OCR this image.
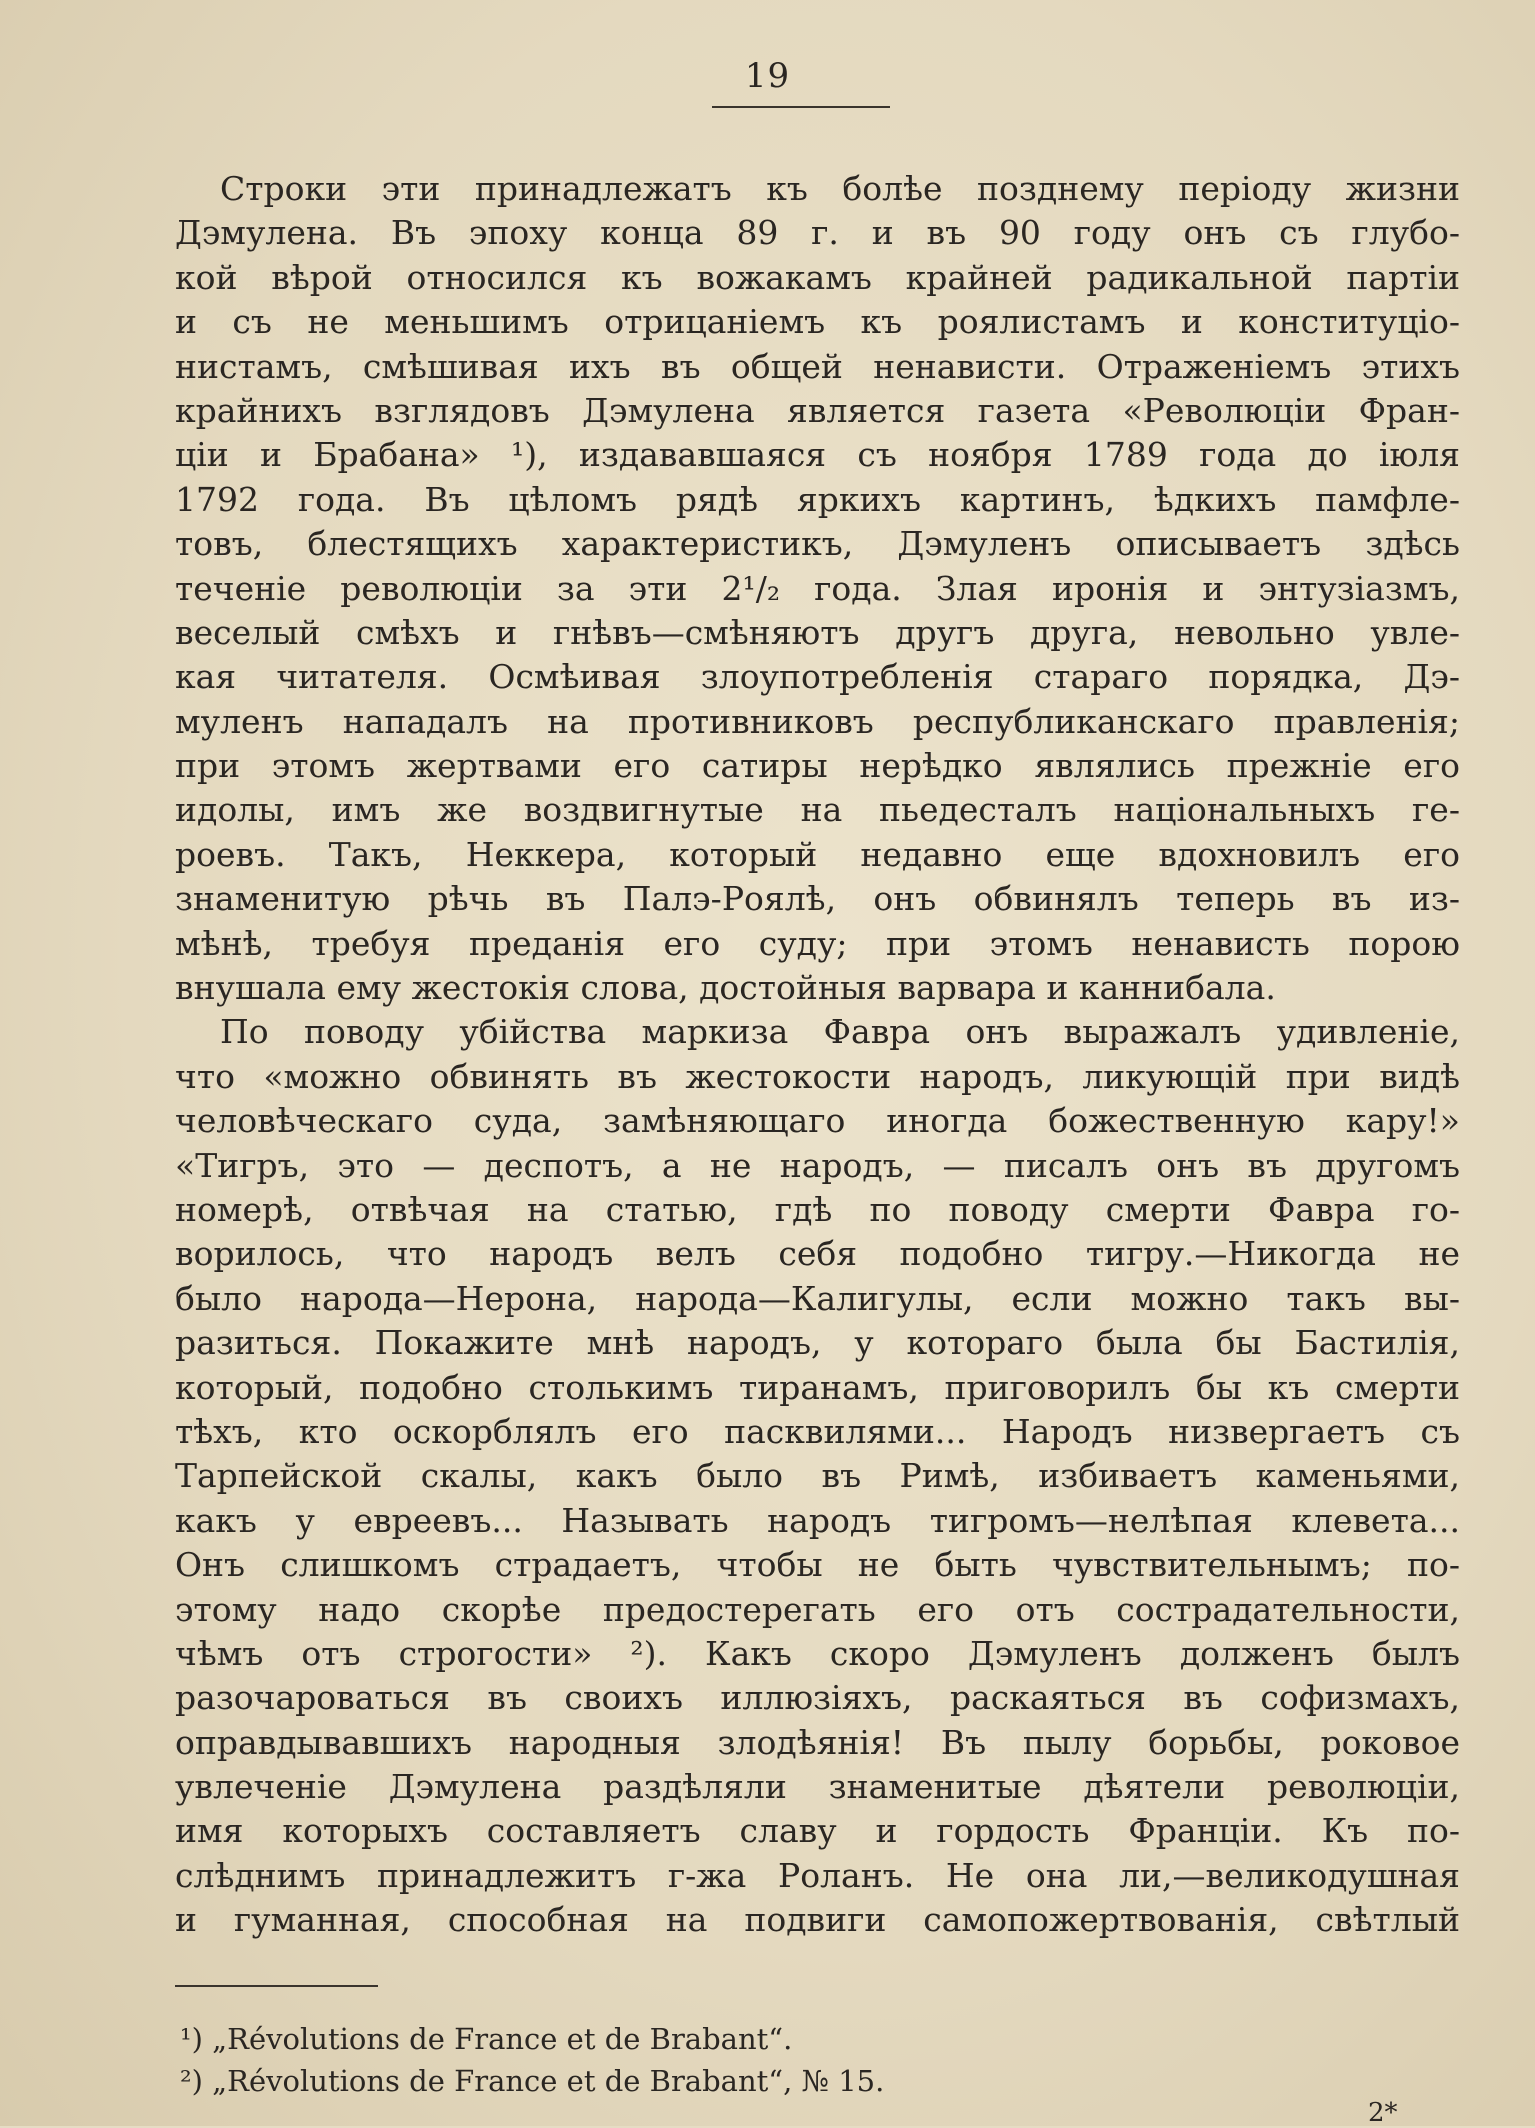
19
Строки эти принадлежатъ къ болѣе позднему періоду жизни
Дэмулена. Въ эпоху конца 89 г. и въ 90 году онъ съ глубо-
кой вѣрой относился къ вожакамъ крайней радикальной партіи
и съ не меньшимъ отрицаніемъ къ роялистамъ и конституціо-
нистамъ, смѣшивая ихъ въ общей ненависти. Отраженіемъ этихъ
крайнихъ взглядовъ Дэмулена является газета «Революціи Фран-
ціи и Брабана» ¹), издававшаяся съ ноября 1789 года до іюля
1792 года. Въ цѣломъ рядѣ яркихъ картинъ, ѣдкихъ памфле-
товъ, блестящихъ характеристикъ, Дэмуленъ описываетъ здѣсь
теченіе революціи за эти 2¹/₂ года. Злая иронія и энтузіазмъ,
веселый смѣхъ и гнѣвъ—смѣняютъ другъ друга, невольно увле-
кая читателя. Осмѣивая злоупотребленія стараго порядка, Дэ-
муленъ нападалъ на противниковъ республиканскаго правленія;
при этомъ жертвами его сатиры нерѣдко являлись прежніе его
идолы, имъ же воздвигнутые на пьедесталъ національныхъ ге-
роевъ. Такъ, Неккера, который недавно еще вдохновилъ его
знаменитую рѣчь въ Палэ-Роялѣ, онъ обвинялъ теперь въ из-
мѣнѣ, требуя преданія его суду; при этомъ ненависть порою
внушала ему жестокія слова, достойныя варвара и каннибала.
По поводу убійства маркиза Фавра онъ выражалъ удивленіе,
что «можно обвинять въ жестокости народъ, ликующій при видѣ
человѣческаго суда, замѣняющаго иногда божественную кару!»
«Тигръ, это — деспотъ, а не народъ, — писалъ онъ въ другомъ
номерѣ, отвѣчая на статью, гдѣ по поводу смерти Фавра го-
ворилось, что народъ велъ себя подобно тигру.—Никогда не
было народа—Нерона, народа—Калигулы, если можно такъ вы-
разиться. Покажите мнѣ народъ, у котораго была бы Бастилія,
который, подобно столькимъ тиранамъ, приговорилъ бы къ смерти
тѣхъ, кто оскорблялъ его пасквилями... Народъ низвергаетъ съ
Тарпейской скалы, какъ было въ Римѣ, избиваетъ каменьями,
какъ у евреевъ... Называть народъ тигромъ—нелѣпая клевета...
Онъ слишкомъ страдаетъ, чтобы не быть чувствительнымъ; по-
этому надо скорѣе предостерегать его отъ сострадательности,
чѣмъ отъ строгости» ²). Какъ скоро Дэмуленъ долженъ былъ
разочароваться въ своихъ иллюзіяхъ, раскаяться въ софизмахъ,
оправдывавшихъ народныя злодѣянія! Въ пылу борьбы, роковое
увлеченіе Дэмулена раздѣляли знаменитые дѣятели революціи,
имя которыхъ составляетъ славу и гордость Франціи. Къ по-
слѣднимъ принадлежитъ г-жа Роланъ. Не она ли,—великодушная
и гуманная, способная на подвиги самопожертвованія, свѣтлый
¹) „Révolutions de France et de Brabant“.
²) „Révolutions de France et de Brabant“, № 15.
2*
